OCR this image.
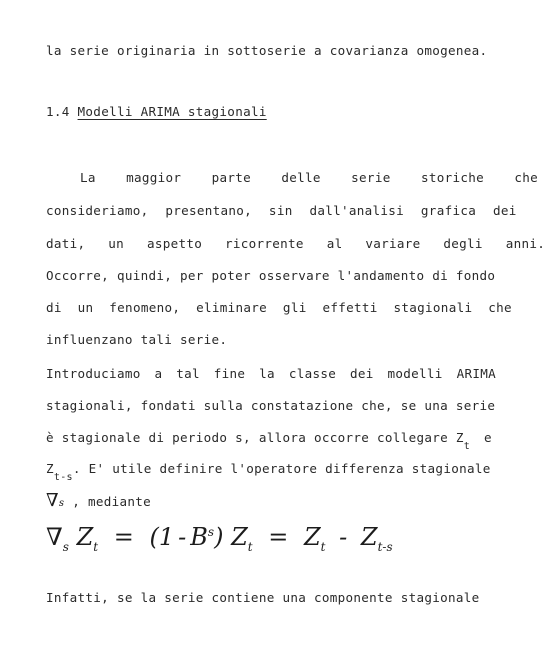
la serie originaria in sottoserie a covarianza omogenea.
1.4 Modelli ARIMA stagionali
La maggior parte delle serie storiche che
consideriamo, presentano, sin dall'analisi grafica dei
dati, un aspetto ricorrente al variare degli anni.
Occorre, quindi, per poter osservare l'andamento di fondo
di un fenomeno, eliminare gli effetti stagionali che
influenzano tali serie.
Introduciamo a tal fine la classe dei modelli ARIMA
stagionali, fondati sulla constatazione che, se una serie
è stagionale di periodo s, allora occorre collegare $Z_t$ e
$Z_{t-s}$. E' utile definire l'operatore differenza stagionale
∇s , mediante
$\nabla_s$ $Z_t = (1 - B^s) Z_t = Z_t - Z_{t-s}$
Infatti, se la serie contiene una componente stagionale
